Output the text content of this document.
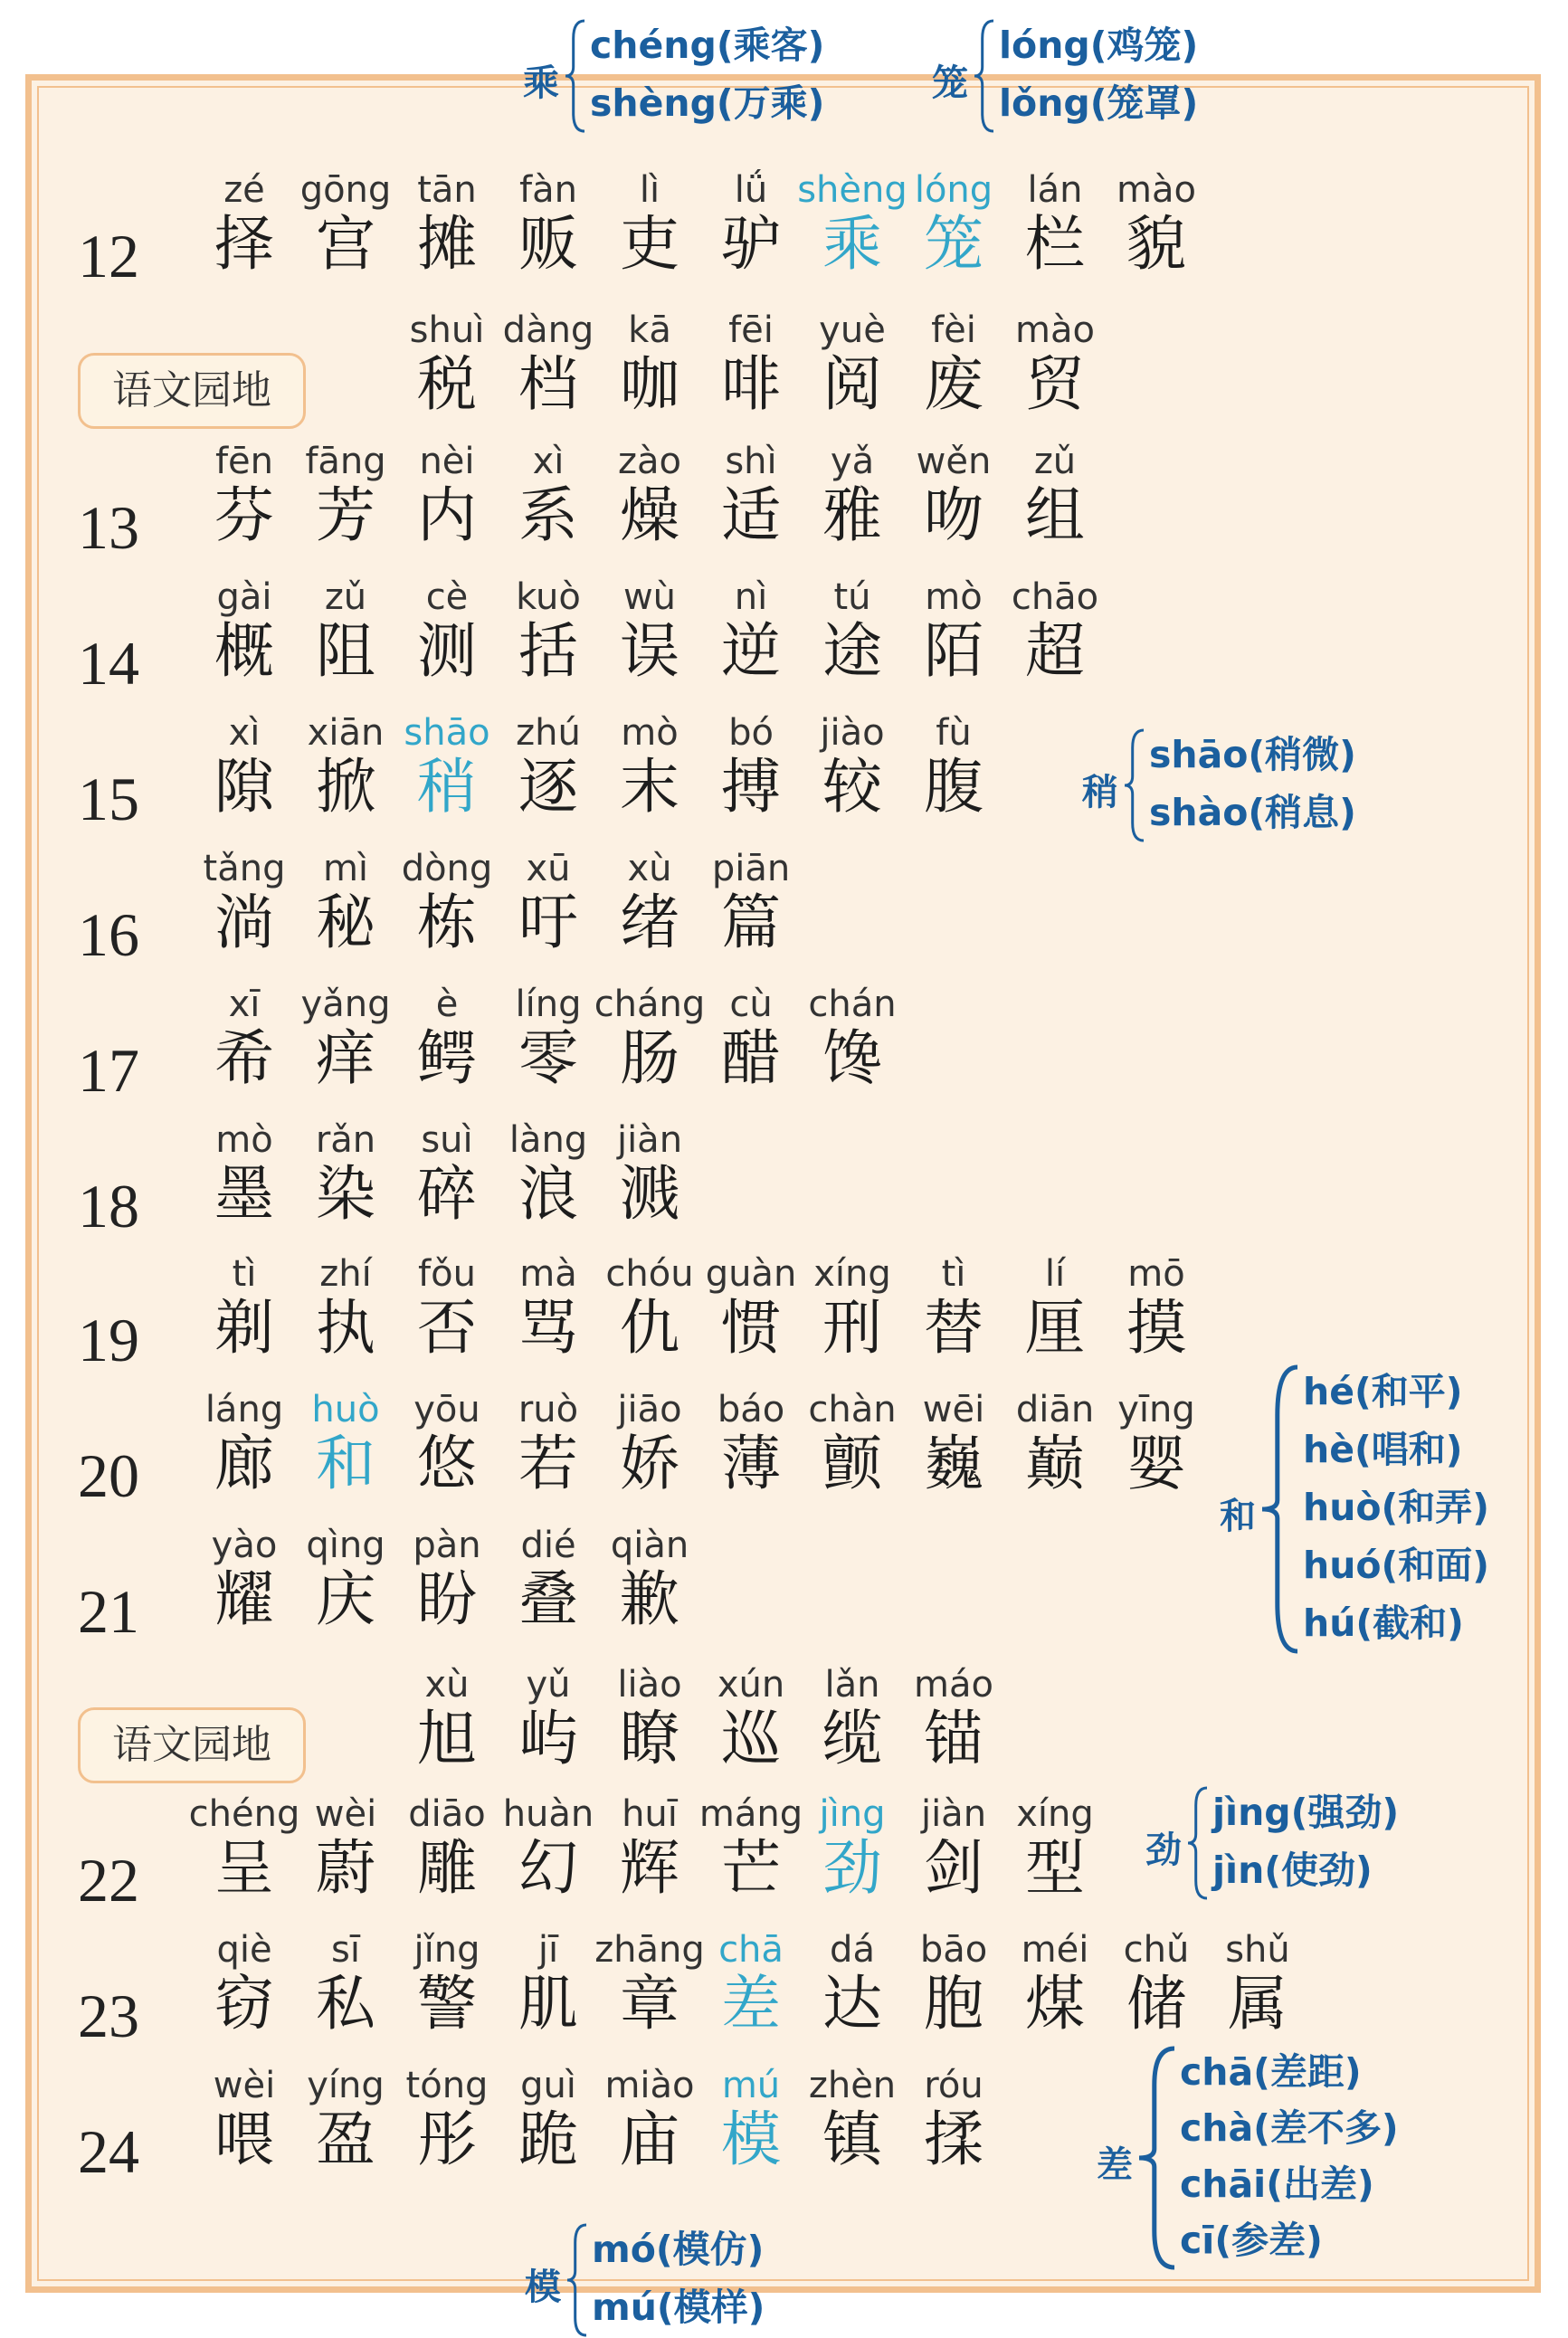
12
zé
择
gōng
宫
tān
摊
fàn
贩
lì
吏
lǘ
驴
shèng
乘
lóng
笼
lán
栏
mào
貌
语文园地
shuì
税
dàng
档
kā
咖
fēi
啡
yuè
阅
fèi
废
mào
贸
13
fēn
芬
fāng
芳
nèi
内
xì
系
zào
燥
shì
适
yǎ
雅
wěn
吻
zǔ
组
14
gài
概
zǔ
阻
cè
测
kuò
括
wù
误
nì
逆
tú
途
mò
陌
chāo
超
15
xì
隙
xiān
掀
shāo
稍
zhú
逐
mò
末
bó
搏
jiào
较
fù
腹
16
tǎng
淌
mì
秘
dòng
栋
xū
吁
xù
绪
piān
篇
17
xī
希
yǎng
痒
è
鳄
líng
零
cháng
肠
cù
醋
chán
馋
18
mò
墨
rǎn
染
suì
碎
làng
浪
jiàn
溅
19
tì
剃
zhí
执
fǒu
否
mà
骂
chóu
仇
guàn
惯
xíng
刑
tì
替
lí
厘
mō
摸
20
láng
廊
huò
和
yōu
悠
ruò
若
jiāo
娇
báo
薄
chàn
颤
wēi
巍
diān
巅
yīng
婴
21
yào
耀
qìng
庆
pàn
盼
dié
叠
qiàn
歉
语文园地
xù
旭
yǔ
屿
liào
瞭
xún
巡
lǎn
缆
máo
锚
22
chéng
呈
wèi
蔚
diāo
雕
huàn
幻
huī
辉
máng
芒
jìng
劲
jiàn
剑
xíng
型
23
qiè
窃
sī
私
jǐng
警
jī
肌
zhāng
章
chā
差
dá
达
bāo
胞
méi
煤
chǔ
储
shǔ
属
24
wèi
喂
yíng
盈
tóng
彤
guì
跪
miào
庙
mú
模
zhèn
镇
róu
揉
乘
chéng(乘客)
shèng(万乘)	笼
lóng(鸡笼)
lǒng(笼罩)
稍
shāo(稍微)
shào(稍息)
和
hé(和平)
hè(唱和)
huò(和弄)
huó(和面)
hú(截和)
劲
jìng(强劲)
jìn(使劲)
差
chā(差距)
chà(差不多)
chāi(出差)
cī(参差)
模
mó(模仿)
mú(模样)
